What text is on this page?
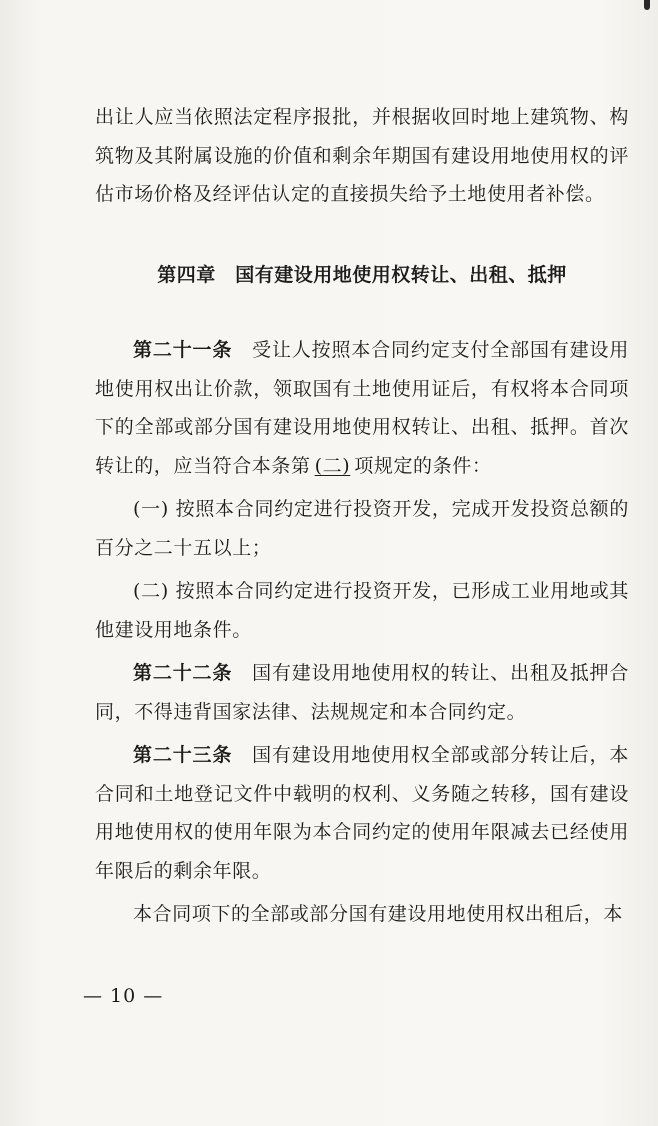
出让人应当依照法定程序报批，并根据收回时地上建筑物、构筑物及其附属设施的价值和剩余年期国有建设用地使用权的评估市场价格及经评估认定的直接损失给予土地使用者补偿。

第四章　国有建设用地使用权转让、出租、抵押

第二十一条　 受让人按照本合同约定支付全部国有建设用地使用权出让价款，领取国有土地使用证后，有权将本合同项下的全部或部分国有建设用地使用权转让、出租、抵押。首次转让的，应当符合本条第 (二) 项规定的条件：

(一) 按照本合同约定进行投资开发，完成开发投资总额的百分之二十五以上；

(二) 按照本合同约定进行投资开发，已形成工业用地或其他建设用地条件。

第二十二条　 国有建设用地使用权的转让、出租及抵押合同，不得违背国家法律、法规规定和本合同约定。

第二十三条　 国有建设用地使用权全部或部分转让后，本合同和土地登记文件中载明的权利、义务随之转移，国有建设用地使用权的使用年限为本合同约定的使用年限减去已经使用年限后的剩余年限。

本合同项下的全部或部分国有建设用地使用权出租后，本

— 10 —
